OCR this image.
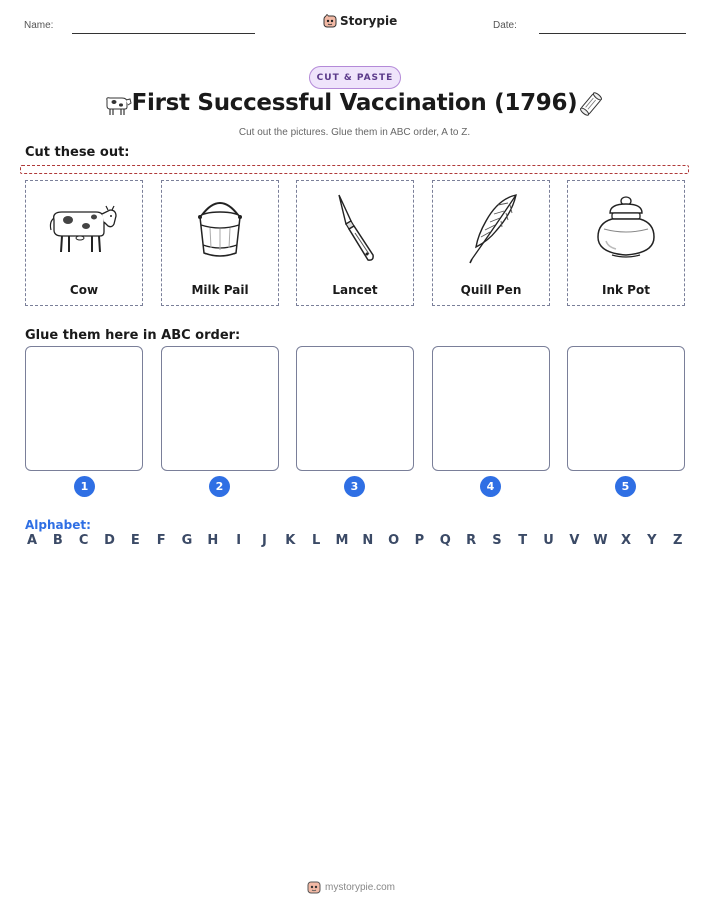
Name:	Storypie	Date:
CUT & PASTE
First Successful Vaccination (1796)
Cut out the pictures. Glue them in ABC order, A to Z.
Cut these out:
Cow	Milk Pail	Lancet	Quill Pen	Ink Pot
Glue them here in ABC order:
1	2	3	4	5
Alphabet:
A B C D E F G H	I	J	K L M N O P Q R S T U V W X Y Z
mystorypie.com
